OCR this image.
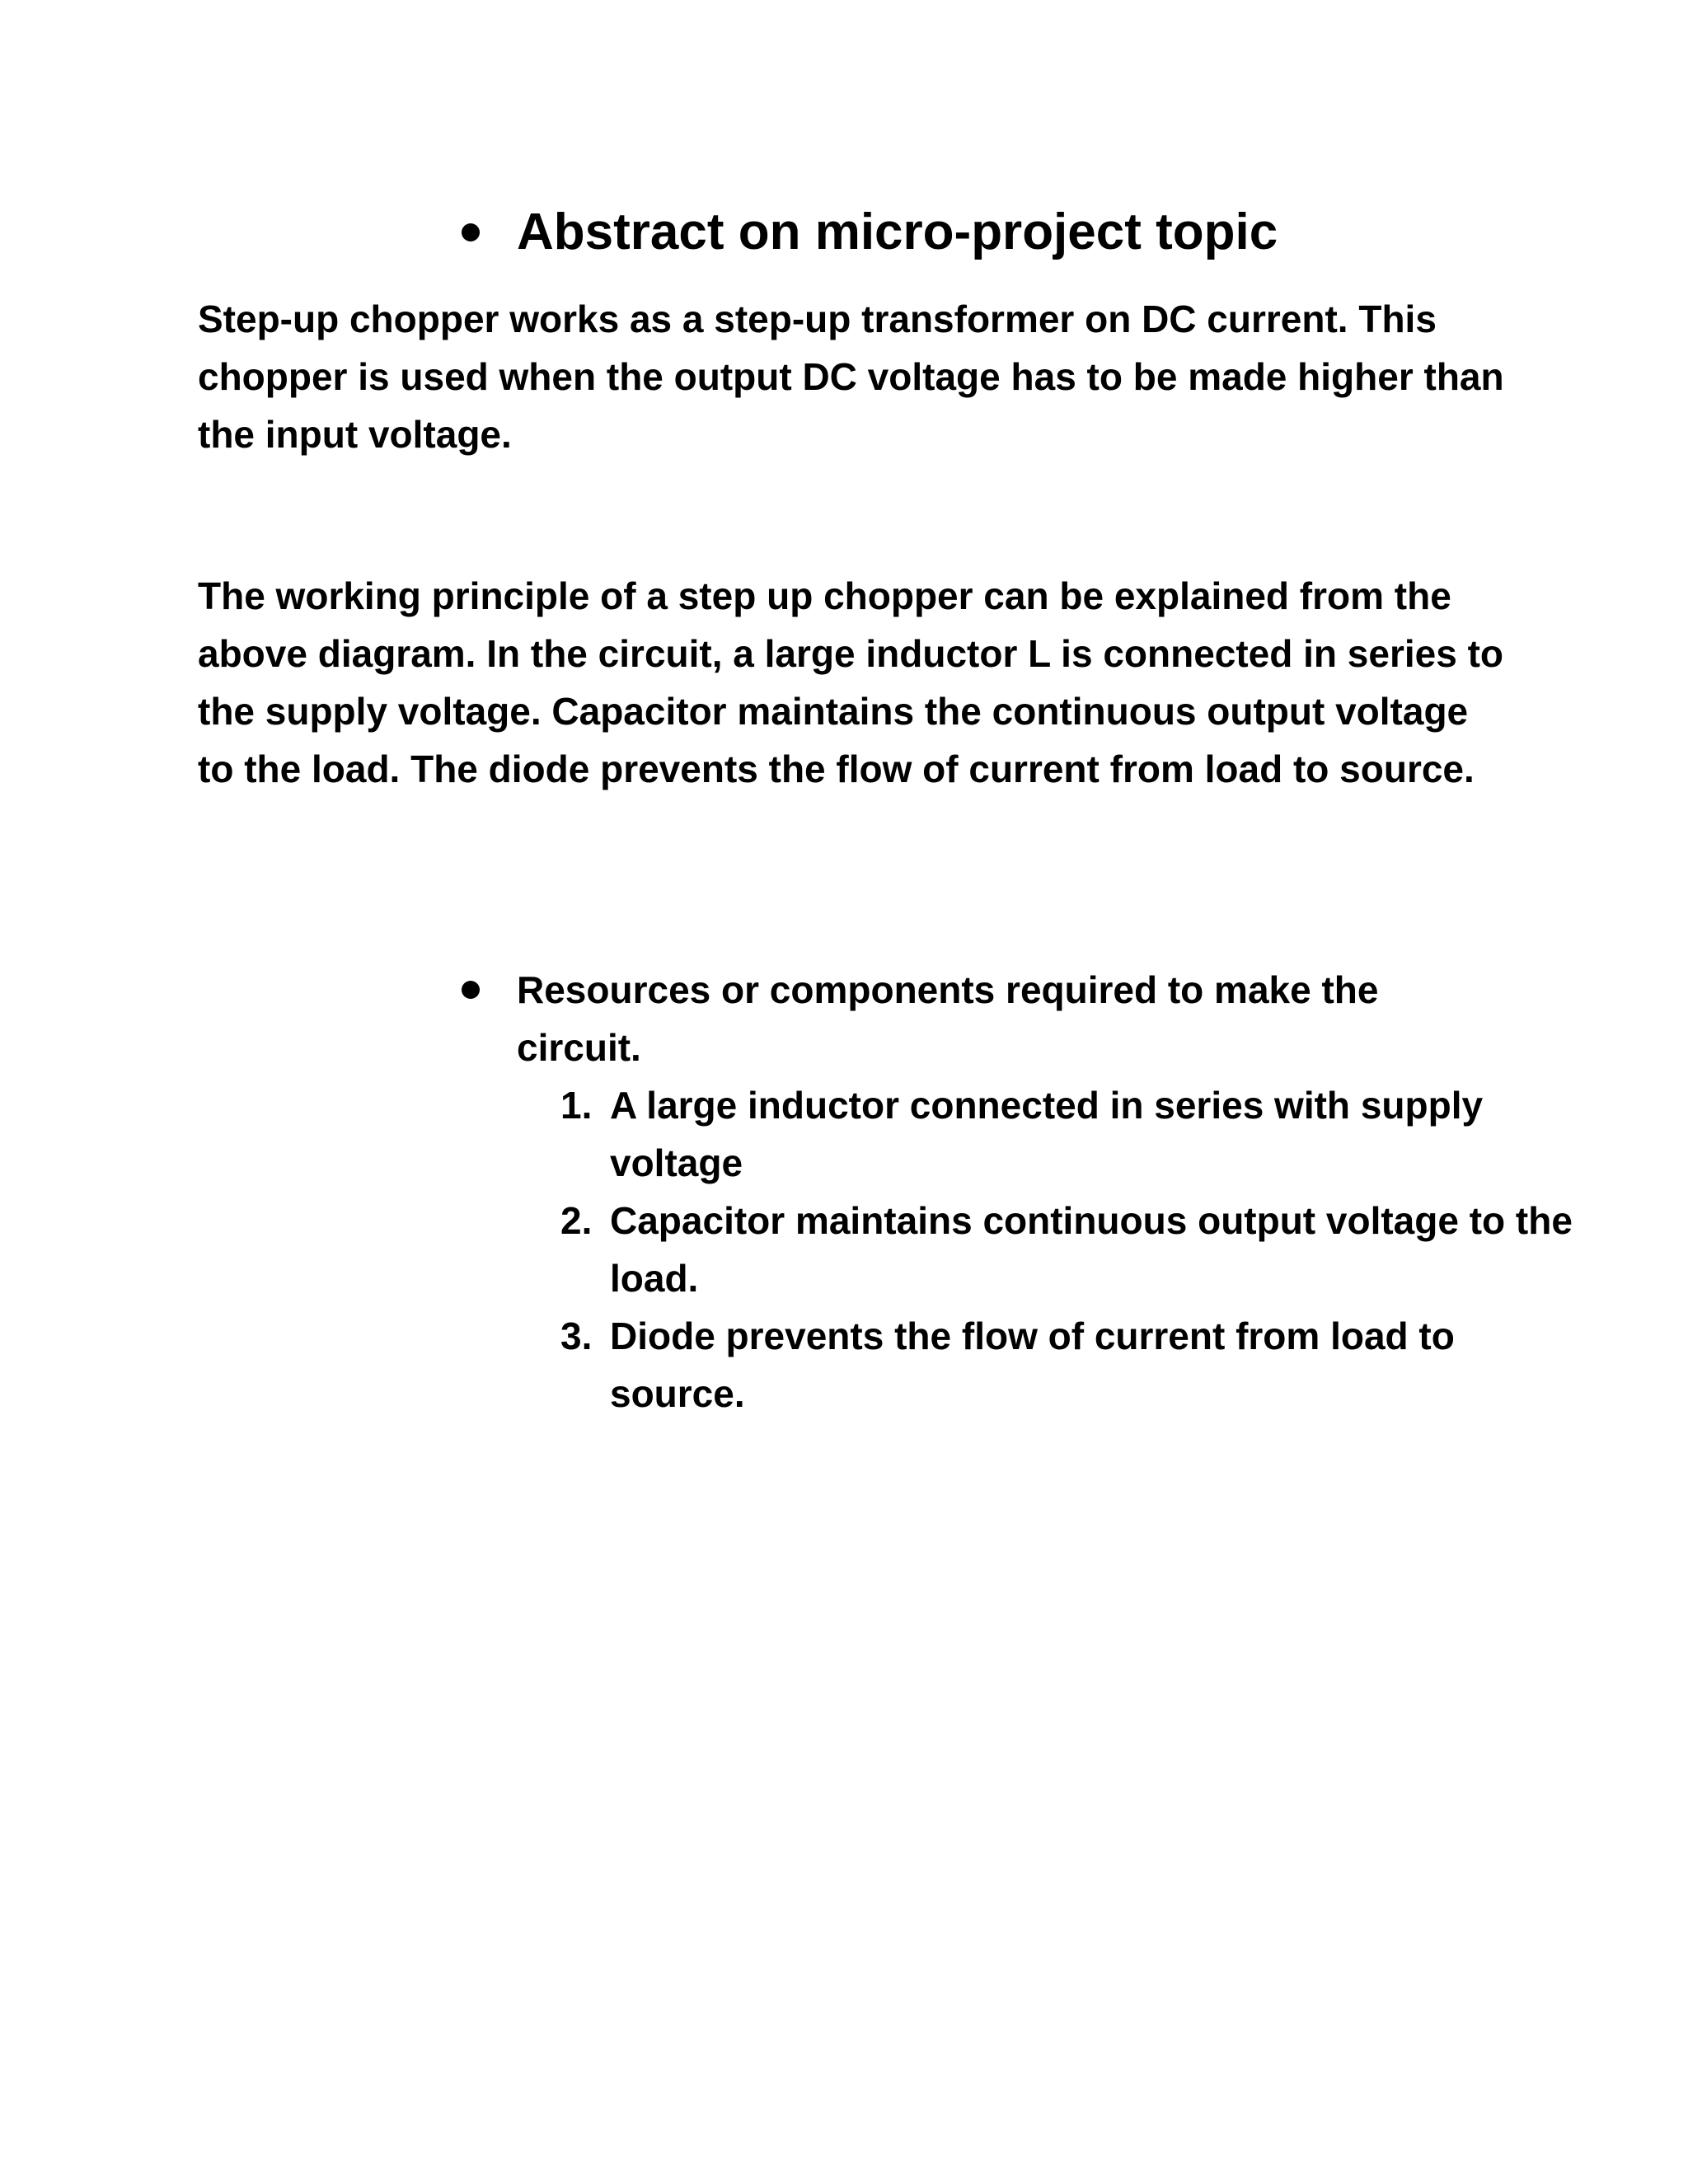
Abstract on micro-project topic

Step-up chopper works as a step-up transformer on DC current. This chopper is used when the output DC voltage has to be made higher than the input voltage.

The working principle of a step up chopper can be explained from the above diagram. In the circuit, a large inductor L is connected in series to the supply voltage. Capacitor maintains the continuous output voltage to the load. The diode prevents the flow of current from load to source.

Resources or components required to make the circuit.
1. A large inductor connected in series with supply voltage
2. Capacitor maintains continuous output voltage to the load.
3. Diode prevents the flow of current from load to source.
